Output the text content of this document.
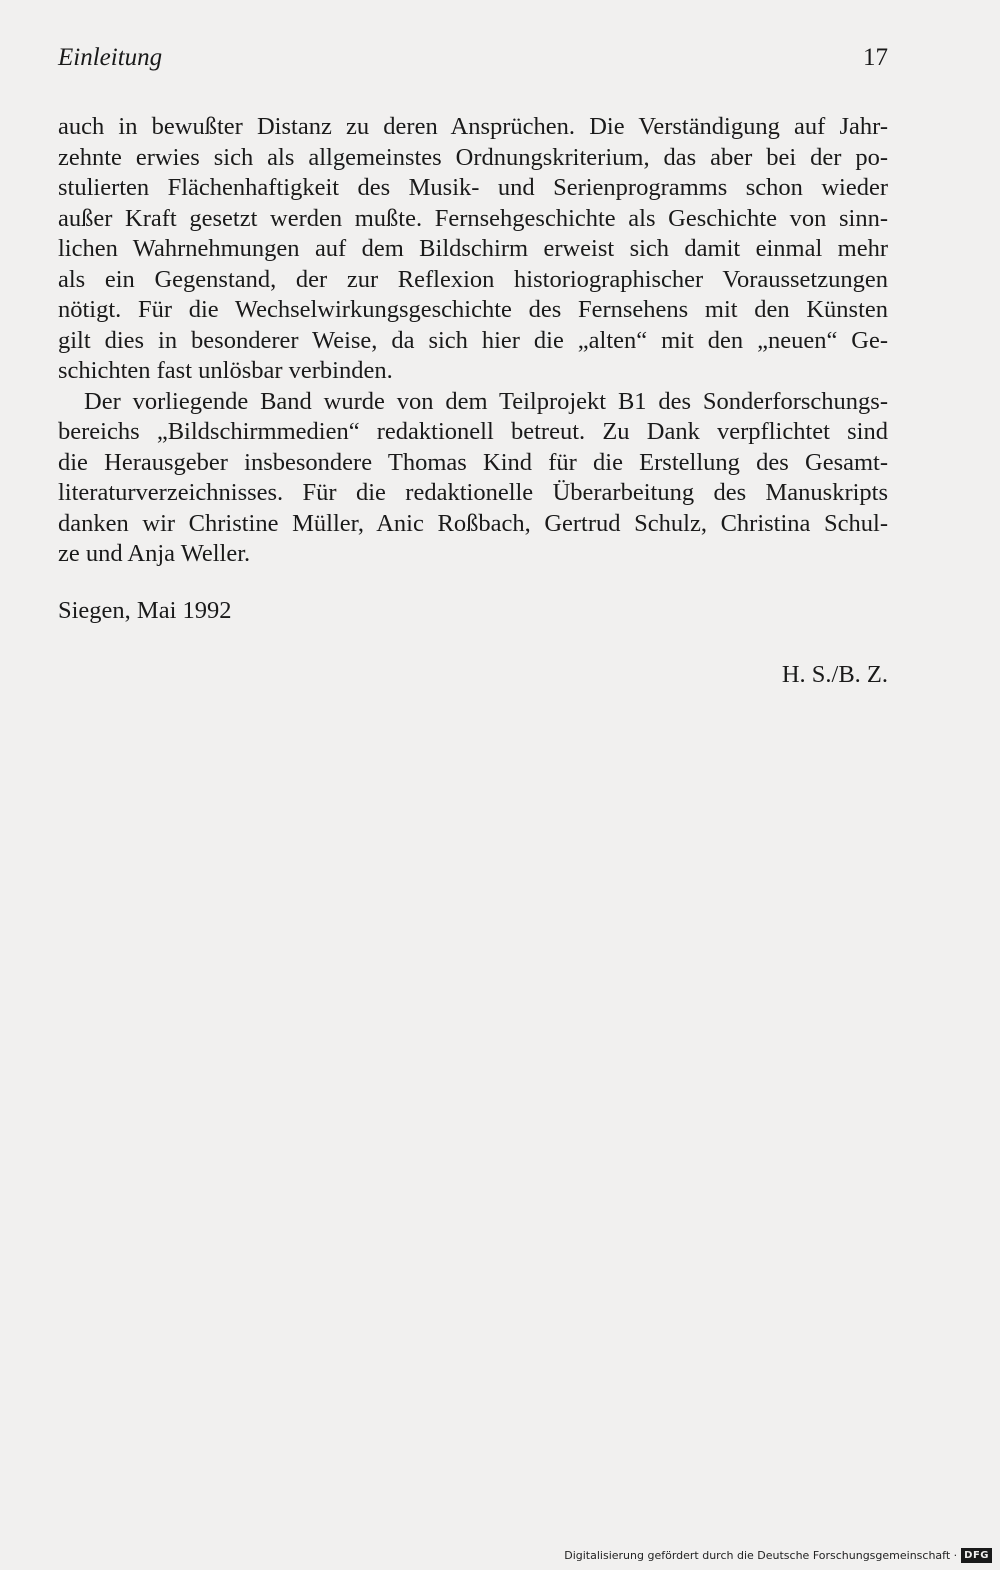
Einleitung	17
auch in bewußter Distanz zu deren Ansprüchen. Die Verständigung auf Jahr-
zehnte erwies sich als allgemeinstes Ordnungskriterium, das aber bei der po-
stulierten Flächenhaftigkeit des Musik- und Serienprogramms schon wieder
außer Kraft gesetzt werden mußte. Fernsehgeschichte als Geschichte von sinn-
lichen Wahrnehmungen auf dem Bildschirm erweist sich damit einmal mehr
als ein Gegenstand, der zur Reflexion historiographischer Voraussetzungen
nötigt. Für die Wechselwirkungsgeschichte des Fernsehens mit den Künsten
gilt dies in besonderer Weise, da sich hier die „alten“ mit den „neuen“ Ge-
schichten fast unlösbar verbinden.
Der vorliegende Band wurde von dem Teilprojekt B1 des Sonderforschungs-
bereichs „Bildschirmmedien“ redaktionell betreut. Zu Dank verpflichtet sind
die Herausgeber insbesondere Thomas Kind für die Erstellung des Gesamt-
literaturverzeichnisses. Für die redaktionelle Überarbeitung des Manuskripts
danken wir Christine Müller, Anic Roßbach, Gertrud Schulz, Christina Schul-
ze und Anja Weller.
Siegen, Mai 1992
H. S./B. Z.
Digitalisierung gefördert durch die Deutsche Forschungsgemeinschaft · DFG
